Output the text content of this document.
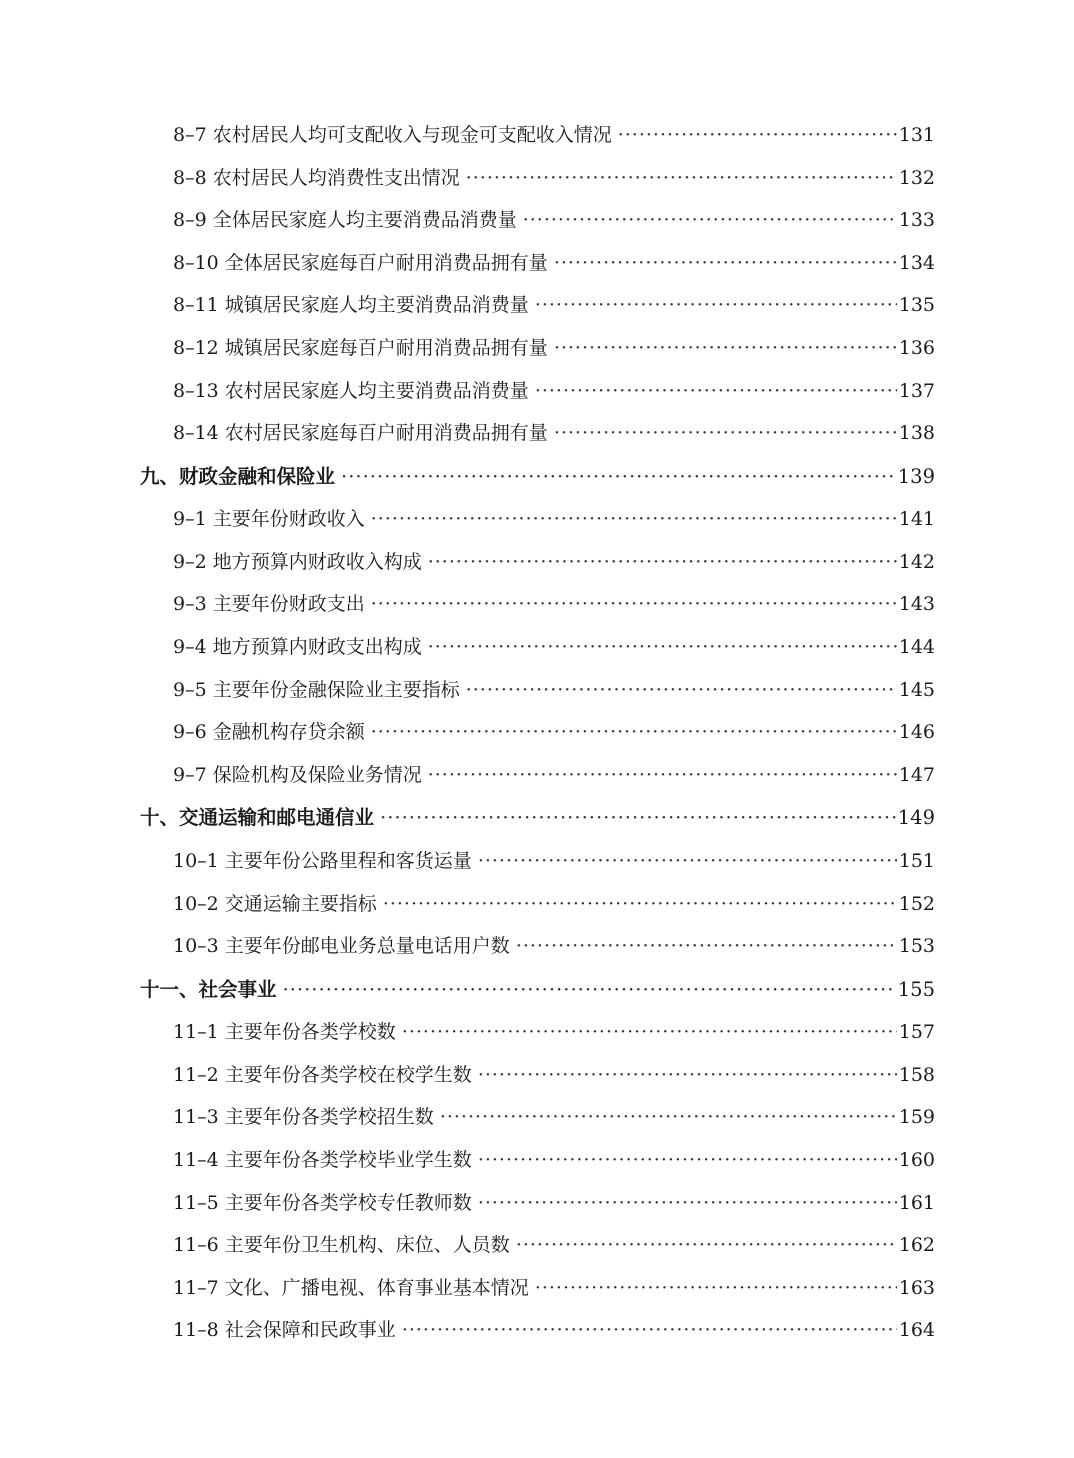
8–7 农村居民人均可支配收入与现金可支配收入情况 ·····	131
8–8 农村居民人均消费性支出情况 ·····	132
8–9 全体居民家庭人均主要消费品消费量 ·····	133
8–10 全体居民家庭每百户耐用消费品拥有量 ·····	134
8–11 城镇居民家庭人均主要消费品消费量 ·····	135
8–12 城镇居民家庭每百户耐用消费品拥有量 ·····	136
8–13 农村居民家庭人均主要消费品消费量 ·····	137
8–14 农村居民家庭每百户耐用消费品拥有量 ·····	138
九、财政金融和保险业 ·····	139
9–1 主要年份财政收入 ·····	141
9–2 地方预算内财政收入构成 ·····	142
9–3 主要年份财政支出 ·····	143
9–4 地方预算内财政支出构成 ·····	144
9–5 主要年份金融保险业主要指标 ·····	145
9–6 金融机构存贷余额 ·····	146
9–7 保险机构及保险业务情况 ·····	147
十、交通运输和邮电通信业 ·····	149
10–1 主要年份公路里程和客货运量 ·····	151
10–2 交通运输主要指标 ·····	152
10–3 主要年份邮电业务总量电话用户数 ·····	153
十一、社会事业 ·····	155
11–1 主要年份各类学校数 ·····	157
11–2 主要年份各类学校在校学生数 ·····	158
11–3 主要年份各类学校招生数 ·····	159
11–4 主要年份各类学校毕业学生数 ·····	160
11–5 主要年份各类学校专任教师数 ·····	161
11–6 主要年份卫生机构、床位、人员数 ·····	162
11–7 文化、广播电视、体育事业基本情况 ·····	163
11–8 社会保障和民政事业 ·····	164
